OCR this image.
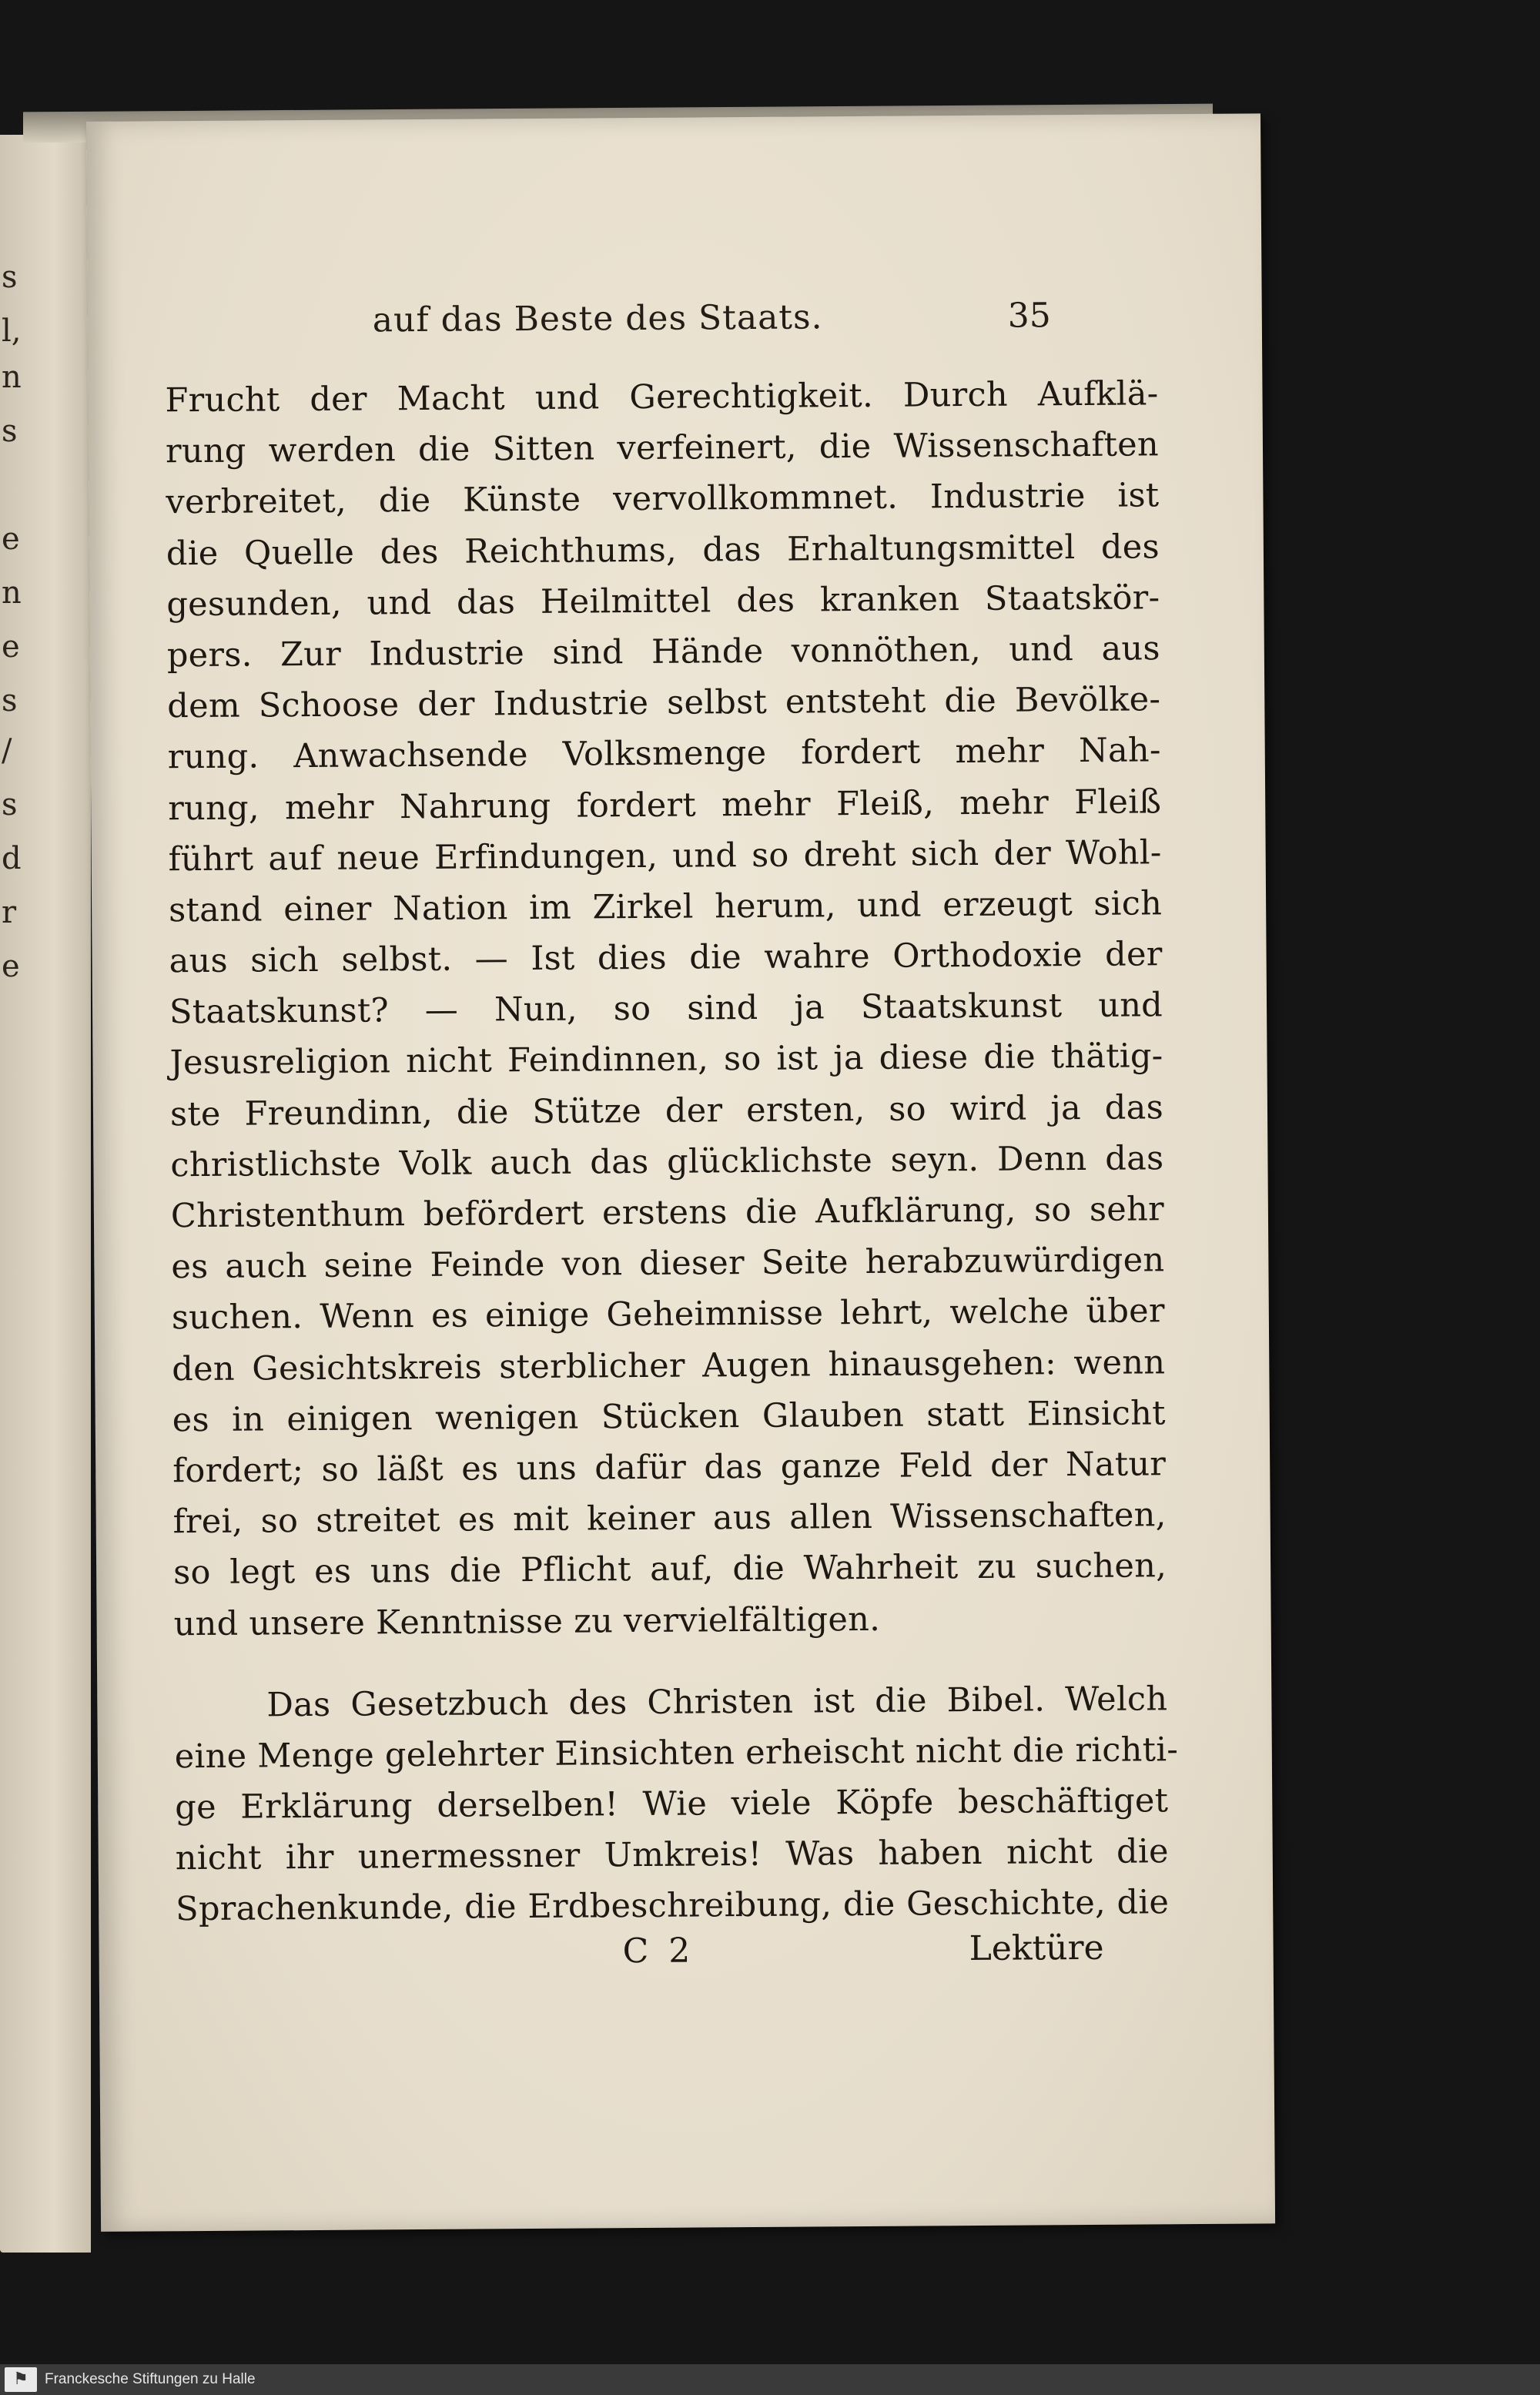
s
l,
n
s
e
n
e
s
/
s
d
r
e
auf das Beste des Staats.	35
Frucht der Macht und Gerechtigkeit. Durch Aufklä-
rung werden die Sitten verfeinert, die Wissenschaften
verbreitet, die Künste vervollkommnet. Industrie ist
die Quelle des Reichthums, das Erhaltungsmittel des
gesunden, und das Heilmittel des kranken Staatskör-
pers. Zur Industrie sind Hände vonnöthen, und aus
dem Schoose der Industrie selbst entsteht die Bevölke-
rung. Anwachsende Volksmenge fordert mehr Nah-
rung, mehr Nahrung fordert mehr Fleiß, mehr Fleiß
führt auf neue Erfindungen, und so dreht sich der Wohl-
stand einer Nation im Zirkel herum, und erzeugt sich
aus sich selbst. — Ist dies die wahre Orthodoxie der
Staatskunst? — Nun, so sind ja Staatskunst und
Jesusreligion nicht Feindinnen, so ist ja diese die thätig-
ste Freundinn, die Stütze der ersten, so wird ja das
christlichste Volk auch das glücklichste seyn. Denn das
Christenthum befördert erstens die Aufklärung, so sehr
es auch seine Feinde von dieser Seite herabzuwürdigen
suchen. Wenn es einige Geheimnisse lehrt, welche über
den Gesichtskreis sterblicher Augen hinausgehen: wenn
es in einigen wenigen Stücken Glauben statt Einsicht
fordert; so läßt es uns dafür das ganze Feld der Natur
frei, so streitet es mit keiner aus allen Wissenschaften,
so legt es uns die Pflicht auf, die Wahrheit zu suchen,
und unsere Kenntnisse zu vervielfältigen.
Das Gesetzbuch des Christen ist die Bibel. Welch
eine Menge gelehrter Einsichten erheischt nicht die richti-
ge Erklärung derselben! Wie viele Köpfe beschäftiget
nicht ihr unermessner Umkreis! Was haben nicht die
Sprachenkunde, die Erdbeschreibung, die Geschichte, die
C 2	Lektüre
⚑	Franckesche Stiftungen zu Halle
